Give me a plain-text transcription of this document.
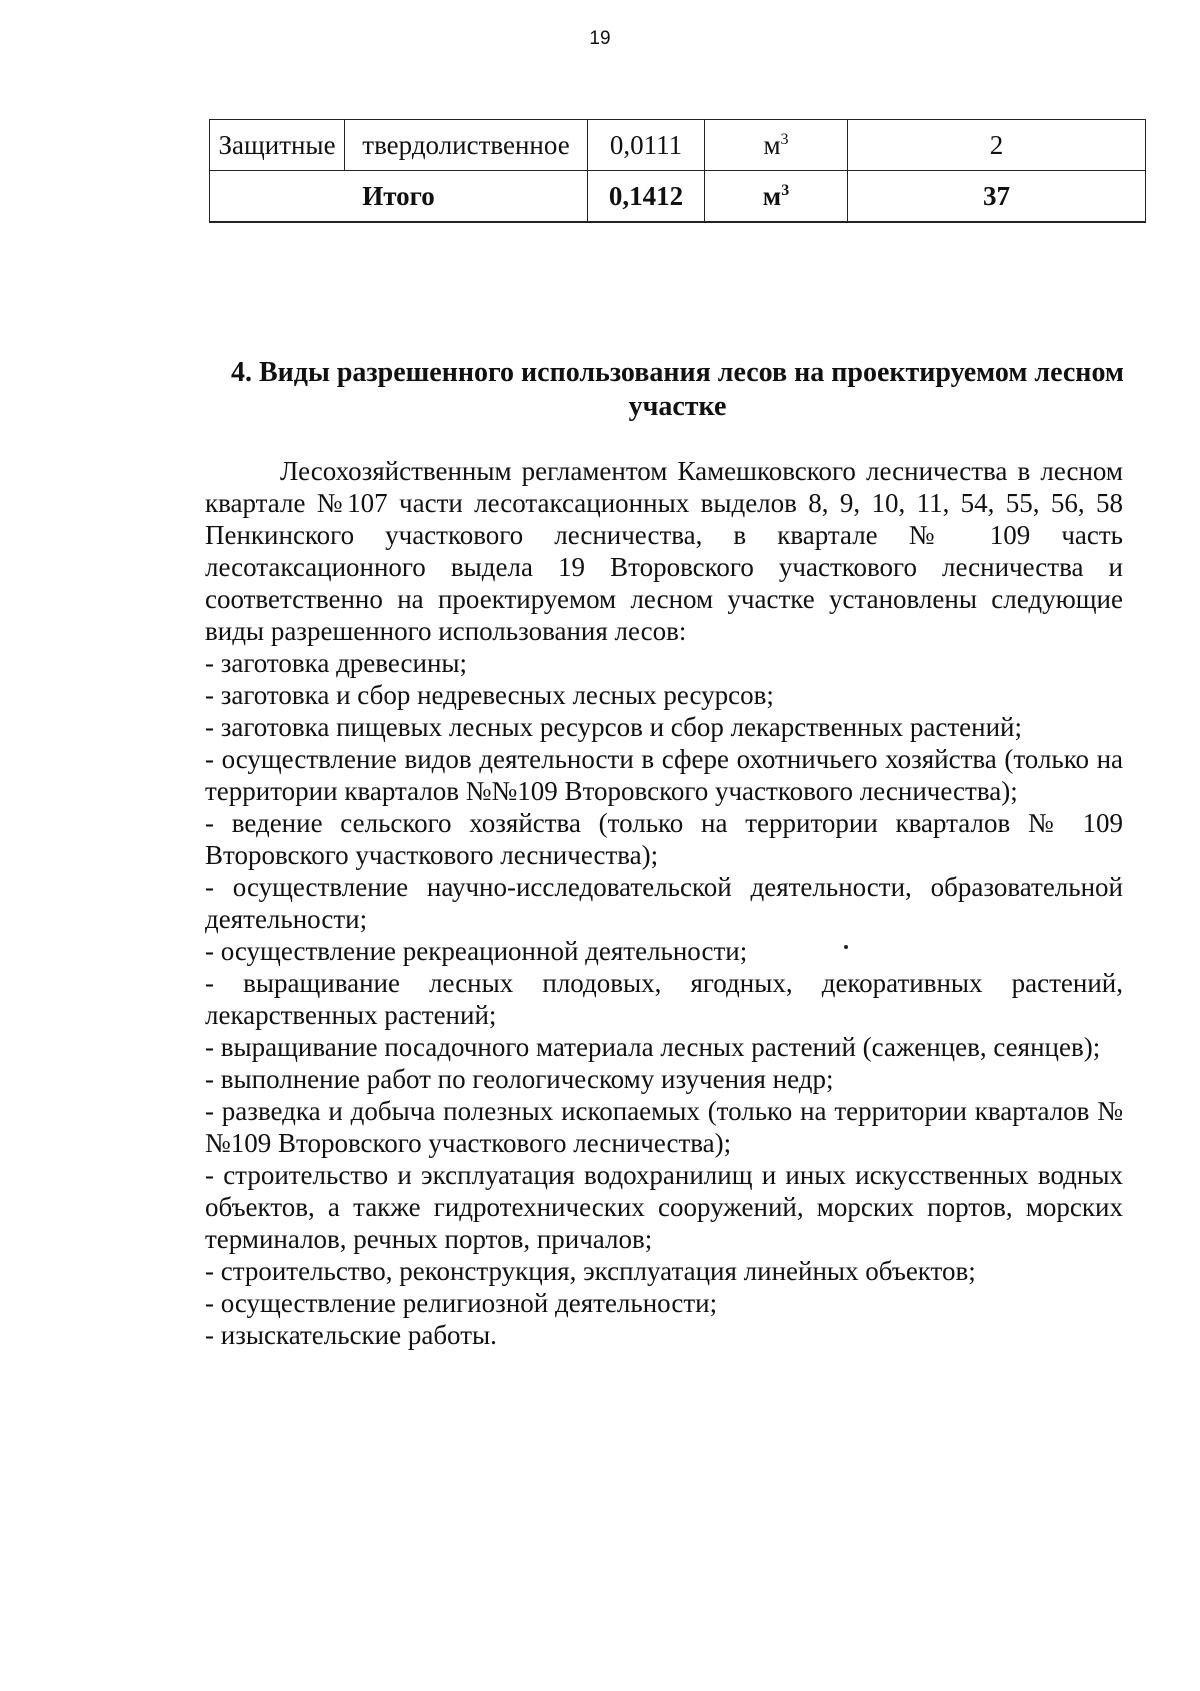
19
Защитные	твердолиственное	0,0111	$м^3$	2
Итого		0,1412	$м^3$	37
4. Виды разрешенного использования лесов на проектируемом лесном участке

Лесохозяйственным регламентом Камешковского лесничества в лесном квартале №107 части лесотаксационных выделов 8, 9, 10, 11, 54, 55, 56, 58 Пенкинского участкового лесничества, в квартале № 109 часть лесотаксационного выдела 19 Второвского участкового лесничества и соответственно на проектируемом лесном участке установлены следующие виды разрешенного использования лесов:

- заготовка древесины;
- заготовка и сбор недревесных лесных ресурсов;
- заготовка пищевых лесных ресурсов и сбор лекарственных растений;
- осуществление видов деятельности в сфере охотничьего хозяйства (только на территории кварталов №№109 Второвского участкового лесничества);
- ведение сельского хозяйства (только на территории кварталов № 109 Второвского участкового лесничества);
- осуществление научно-исследовательской деятельности, образовательной деятельности;
- осуществление рекреационной деятельности;
- выращивание лесных плодовых, ягодных, декоративных растений, лекарственных растений;
- выращивание посадочного материала лесных растений (саженцев, сеянцев);
- выполнение работ по геологическому изучения недр;
- разведка и добыча полезных ископаемых (только на территории кварталов №№109 Второвского участкового лесничества);
- строительство и эксплуатация водохранилищ и иных искусственных водных объектов, а также гидротехнических сооружений, морских портов, морских терминалов, речных портов, причалов;
- строительство, реконструкция, эксплуатация линейных объектов;
- осуществление религиозной деятельности;
- изыскательские работы.
